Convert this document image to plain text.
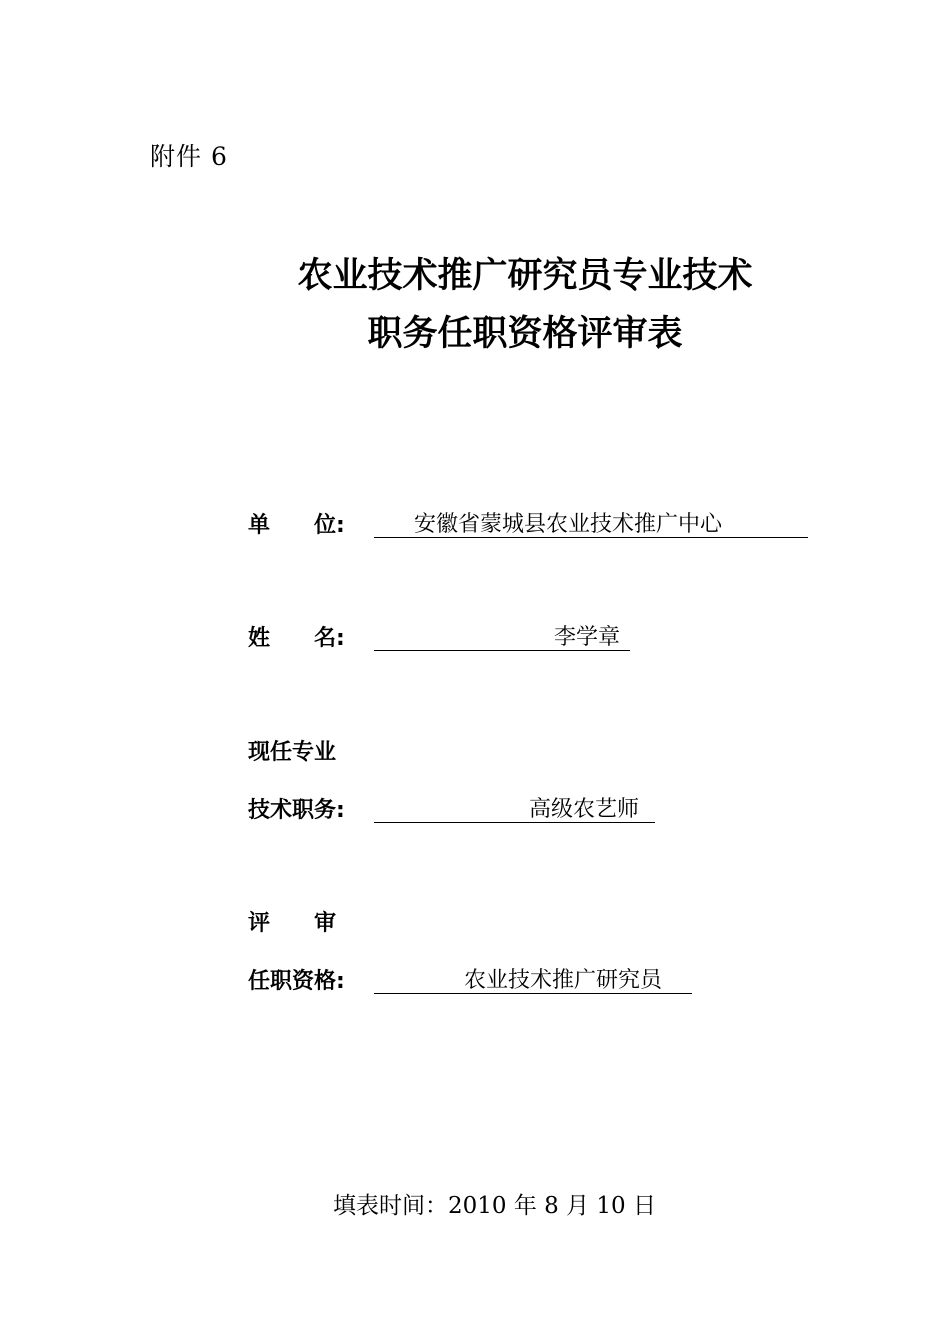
附件 6
农业技术推广研究员专业技术
职务任职资格评审表
单　　位:	安徽省蒙城县农业技术推广中心
姓　　名:	李学章
现任专业
技术职务:	高级农艺师
评　　审
任职资格:	农业技术推广研究员
填表时间：2010 年 8 月 10 日
